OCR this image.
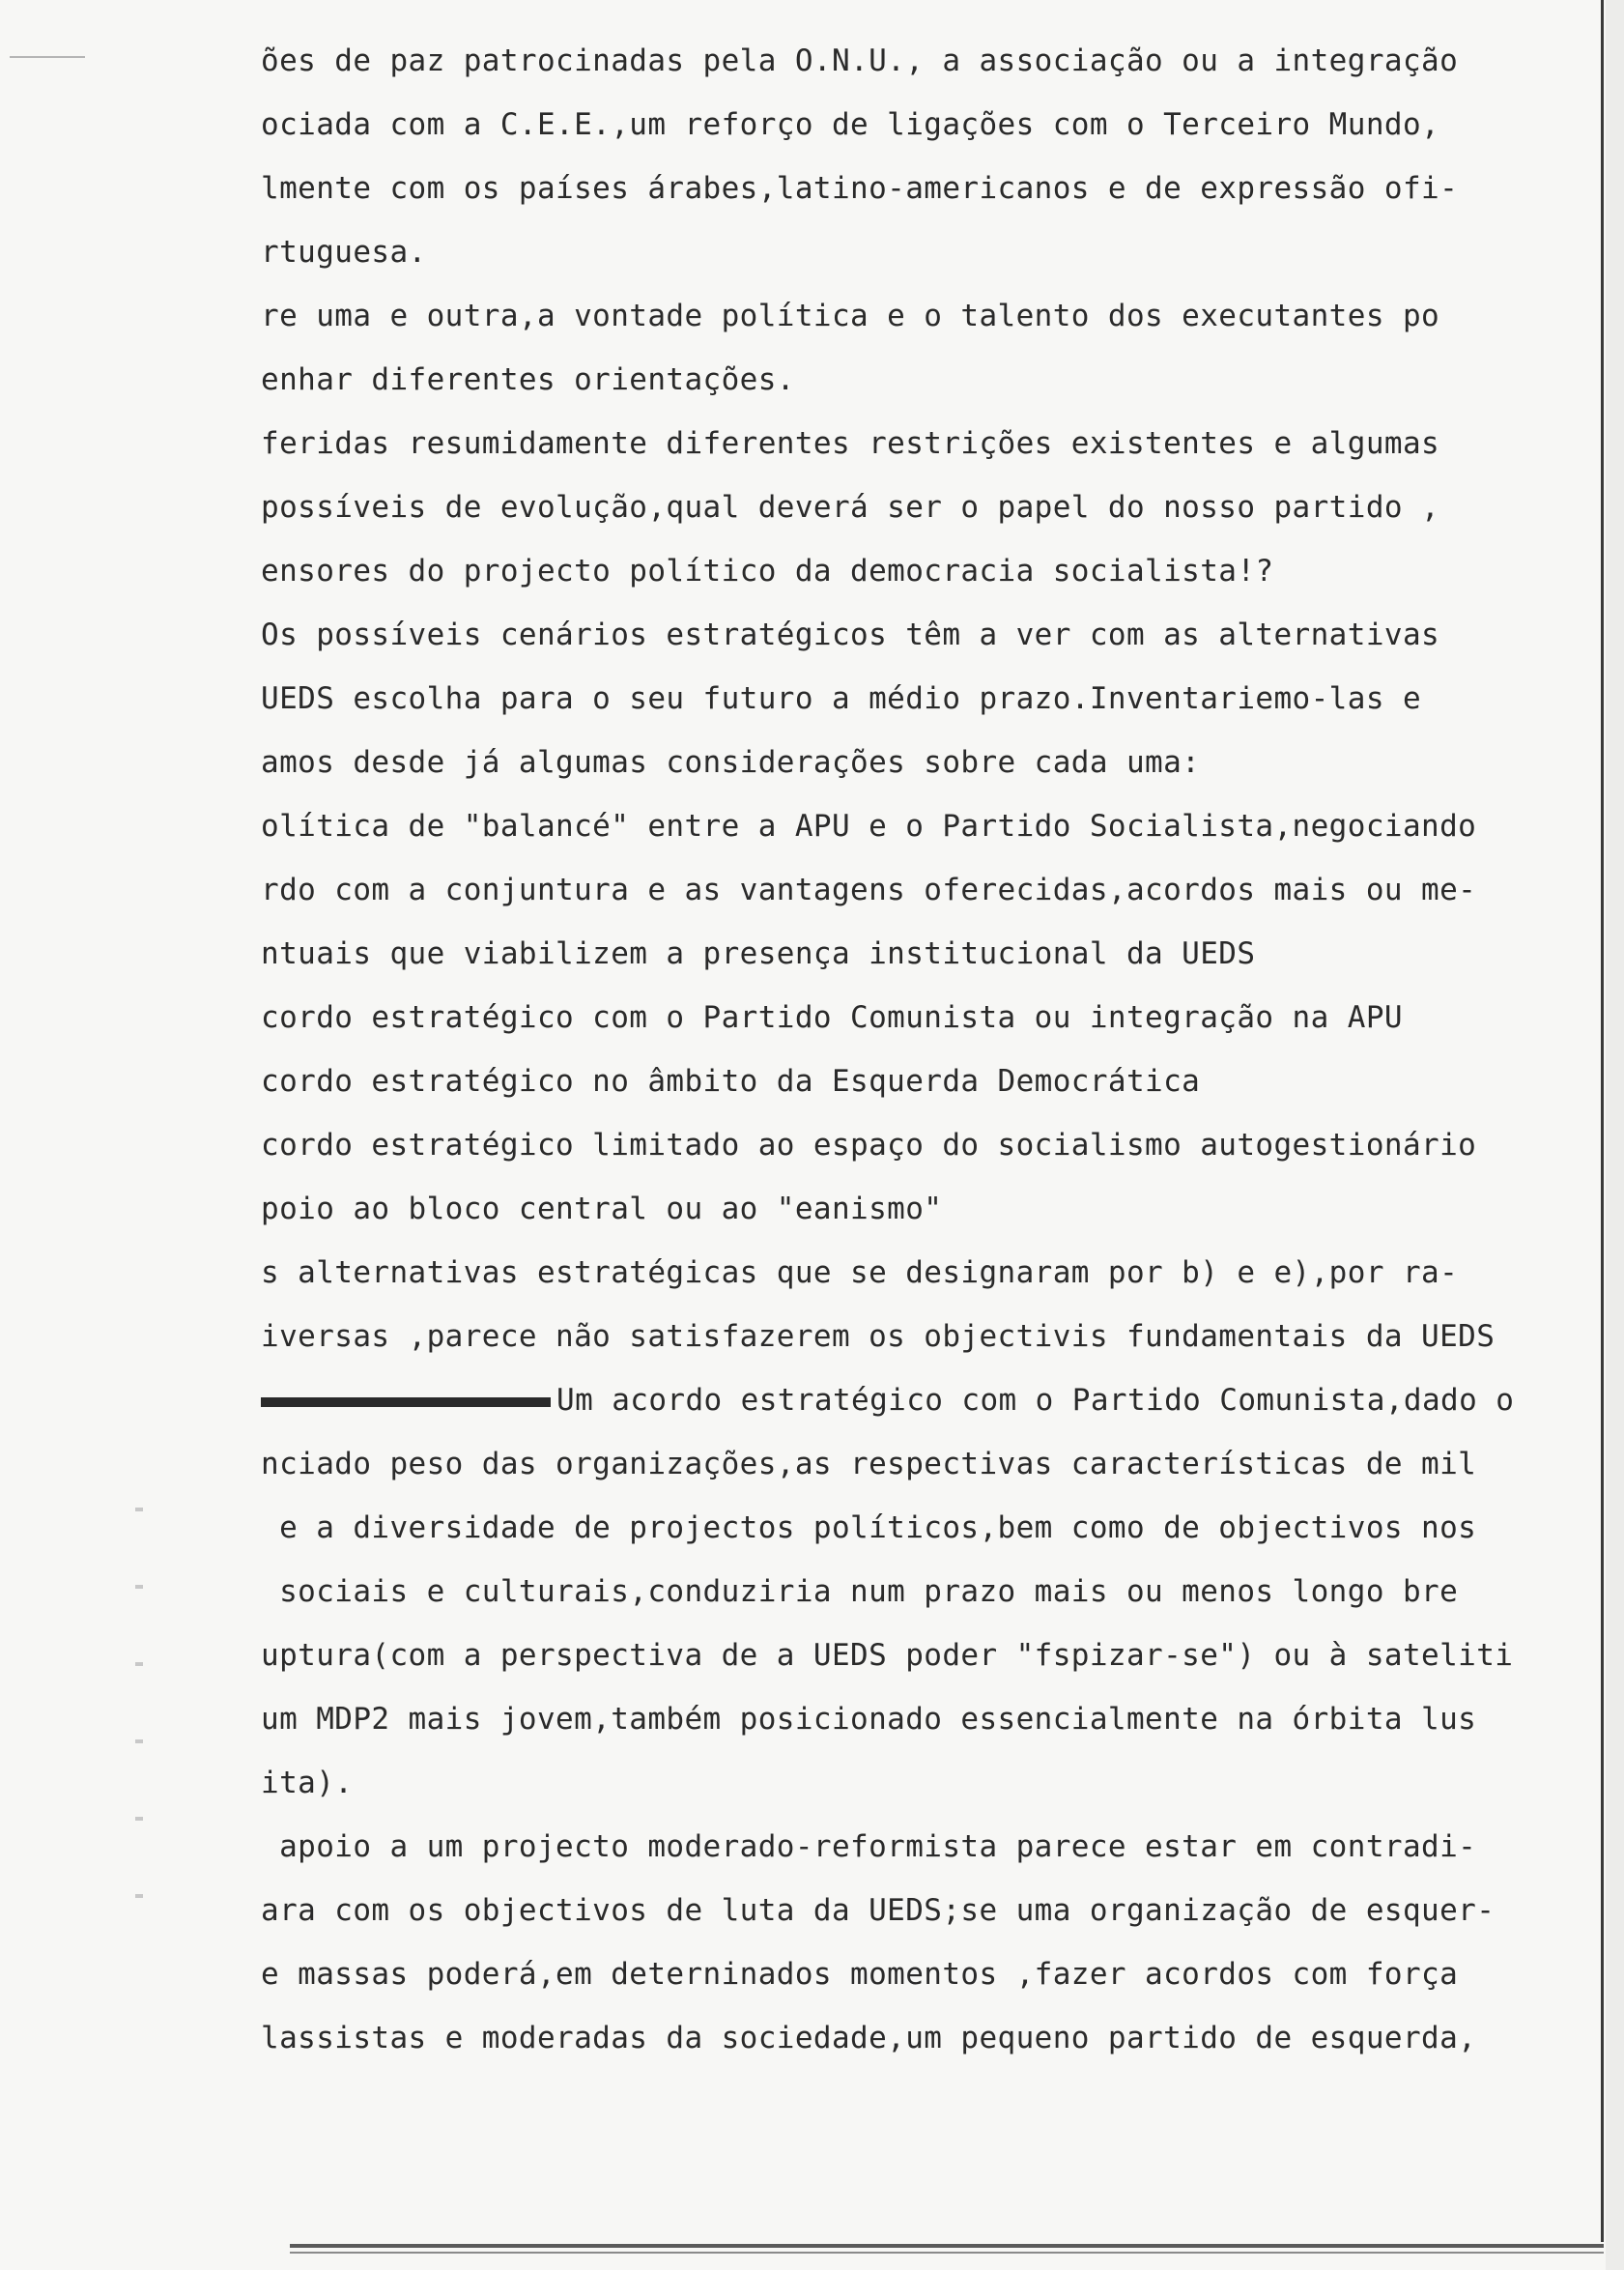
ões de paz patrocinadas pela O.N.U., a associação ou a integração
ociada com a C.E.E.,um reforço de ligações com o Terceiro Mundo,
lmente com os países árabes,latino-americanos e de expressão ofi-
rtuguesa.
re uma e outra,a vontade política e o talento dos executantes po
enhar diferentes orientações.
feridas resumidamente diferentes restrições existentes e algumas
possíveis de evolução,qual deverá ser o papel do nosso partido ,
ensores do projecto político da democracia socialista!?
Os possíveis cenários estratégicos têm a ver com as alternativas
UEDS escolha para o seu futuro a médio prazo.Inventariemo-las e
amos desde já algumas considerações sobre cada uma:
olítica de "balancé" entre a APU e o Partido Socialista,negociando
rdo com a conjuntura e as vantagens oferecidas,acordos mais ou me-
ntuais que viabilizem a presença institucional da UEDS
cordo estratégico com o Partido Comunista ou integração na APU
cordo estratégico no âmbito da Esquerda Democrática
cordo estratégico limitado ao espaço do socialismo autogestionário
poio ao bloco central ou ao "eanismo"
s alternativas estratégicas que se designaram por b) e e),por ra-
iversas ,parece não satisfazerem os objectivis fundamentais da UEDS
Um acordo estratégico com o Partido Comunista,dado o
nciado peso das organizações,as respectivas características de mil
e a diversidade de projectos políticos,bem como de objectivos nos
sociais e culturais,conduziria num prazo mais ou menos longo bre
uptura(com a perspectiva de a UEDS poder "fspizar-se") ou à sateliti
um MDP2 mais jovem,também posicionado essencialmente na órbita lus
ita).
apoio a um projecto moderado-reformista parece estar em contradi-
ara com os objectivos de luta da UEDS;se uma organização de esquer-
e massas poderá,em deterninados momentos ,fazer acordos com força
lassistas e moderadas da sociedade,um pequeno partido de esquerda,
